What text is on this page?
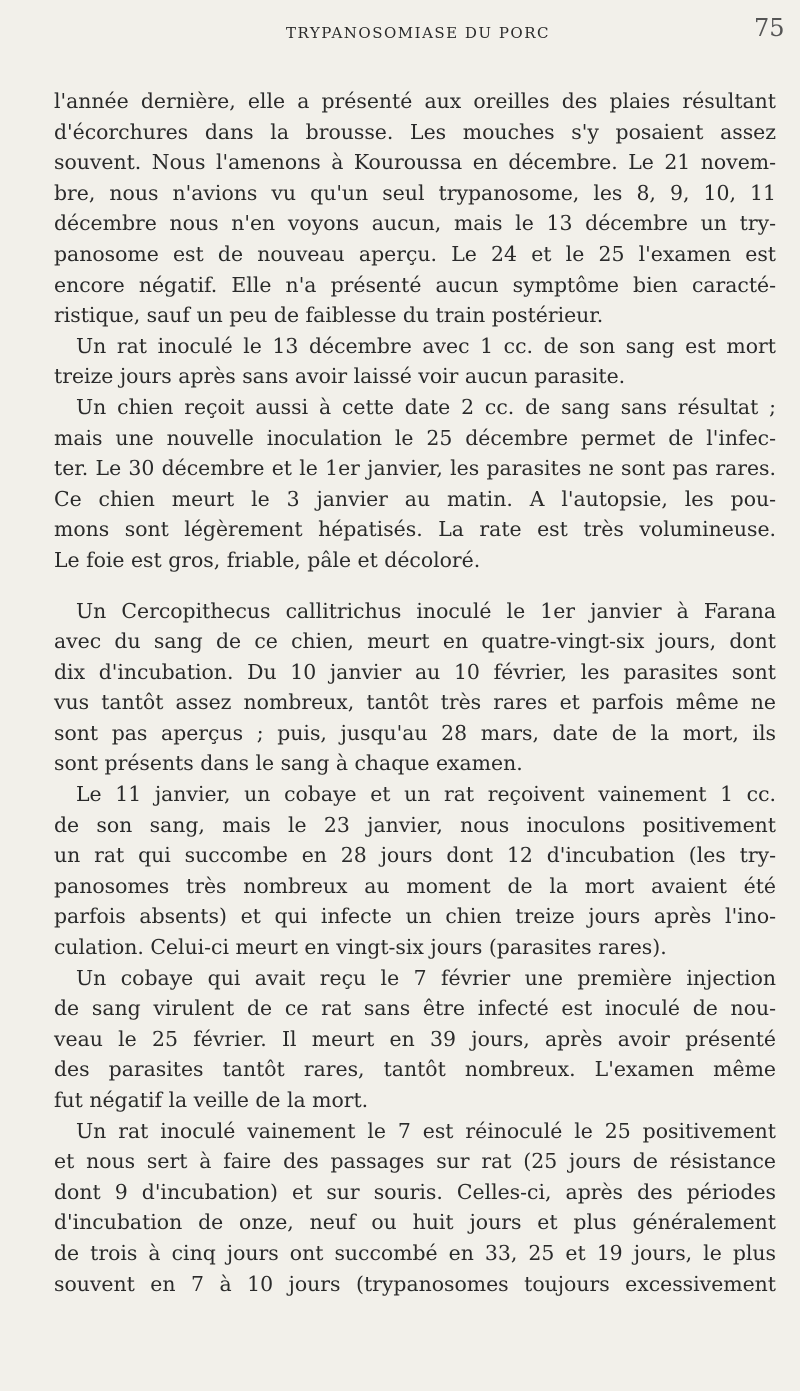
TRYPANOSOMIASE DU PORC	75
l'année dernière, elle a présenté aux oreilles des plaies résultant
d'écorchures dans la brousse. Les mouches s'y posaient assez
souvent. Nous l'amenons à Kouroussa en décembre. Le 21 novem-
bre, nous n'avions vu qu'un seul trypanosome, les 8, 9, 10, 11
décembre nous n'en voyons aucun, mais le 13 décembre un try-
panosome est de nouveau aperçu. Le 24 et le 25 l'examen est
encore négatif. Elle n'a présenté aucun symptôme bien caracté-
ristique, sauf un peu de faiblesse du train postérieur.
Un rat inoculé le 13 décembre avec 1 cc. de son sang est mort
treize jours après sans avoir laissé voir aucun parasite.
Un chien reçoit aussi à cette date 2 cc. de sang sans résultat ;
mais une nouvelle inoculation le 25 décembre permet de l'infec-
ter. Le 30 décembre et le 1er janvier, les parasites ne sont pas rares.
Ce chien meurt le 3 janvier au matin. A l'autopsie, les pou-
mons sont légèrement hépatisés. La rate est très volumineuse.
Le foie est gros, friable, pâle et décoloré.
Un Cercopithecus callitrichus inoculé le 1er janvier à Farana
avec du sang de ce chien, meurt en quatre-vingt-six jours, dont
dix d'incubation. Du 10 janvier au 10 février, les parasites sont
vus tantôt assez nombreux, tantôt très rares et parfois même ne
sont pas aperçus ; puis, jusqu'au 28 mars, date de la mort, ils
sont présents dans le sang à chaque examen.
Le 11 janvier, un cobaye et un rat reçoivent vainement 1 cc.
de son sang, mais le 23 janvier, nous inoculons positivement
un rat qui succombe en 28 jours dont 12 d'incubation (les try-
panosomes très nombreux au moment de la mort avaient été
parfois absents) et qui infecte un chien treize jours après l'ino-
culation. Celui-ci meurt en vingt-six jours (parasites rares).
Un cobaye qui avait reçu le 7 février une première injection
de sang virulent de ce rat sans être infecté est inoculé de nou-
veau le 25 février. Il meurt en 39 jours, après avoir présenté
des parasites tantôt rares, tantôt nombreux. L'examen même
fut négatif la veille de la mort.
Un rat inoculé vainement le 7 est réinoculé le 25 positivement
et nous sert à faire des passages sur rat (25 jours de résistance
dont 9 d'incubation) et sur souris. Celles-ci, après des périodes
d'incubation de onze, neuf ou huit jours et plus généralement
de trois à cinq jours ont succombé en 33, 25 et 19 jours, le plus
souvent en 7 à 10 jours (trypanosomes toujours excessivement
